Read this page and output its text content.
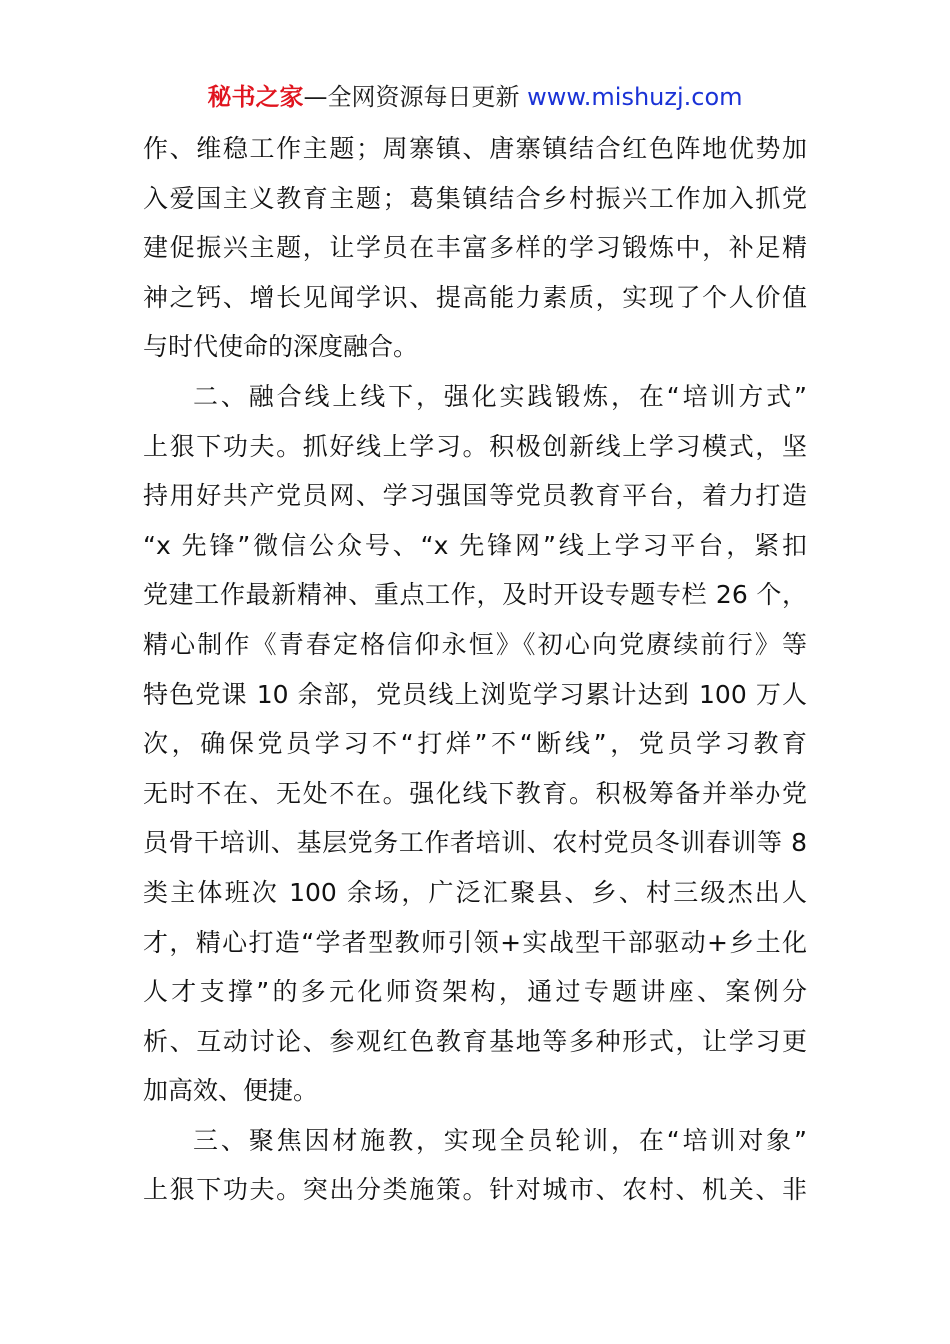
秘书之家—全网资源每日更新 www.mishuzj.com
作、维稳工作主题；周寨镇、唐寨镇结合红色阵地优势加
入爱国主义教育主题；葛集镇结合乡村振兴工作加入抓党
建促振兴主题，让学员在丰富多样的学习锻炼中，补足精
神之钙、增长见闻学识、提高能力素质，实现了个人价值
与时代使命的深度融合。
二、融合线上线下，强化实践锻炼，在“培训方式”
上狠下功夫。抓好线上学习。积极创新线上学习模式，坚
持用好共产党员网、学习强国等党员教育平台，着力打造
“x 先锋”微信公众号、“x 先锋网”线上学习平台，紧扣
党建工作最新精神、重点工作，及时开设专题专栏 26 个，
精心制作《青春定格信仰永恒》《初心向党赓续前行》等
特色党课 10 余部，党员线上浏览学习累计达到 100 万人
次，确保党员学习不“打烊”不“断线”，党员学习教育
无时不在、无处不在。强化线下教育。积极筹备并举办党
员骨干培训、基层党务工作者培训、农村党员冬训春训等 8
类主体班次 100 余场，广泛汇聚县、乡、村三级杰出人
才，精心打造“学者型教师引领+实战型干部驱动+乡土化
人才支撑”的多元化师资架构，通过专题讲座、案例分
析、互动讨论、参观红色教育基地等多种形式，让学习更
加高效、便捷。
三、聚焦因材施教，实现全员轮训，在“培训对象”
上狠下功夫。突出分类施策。针对城市、农村、机关、非
